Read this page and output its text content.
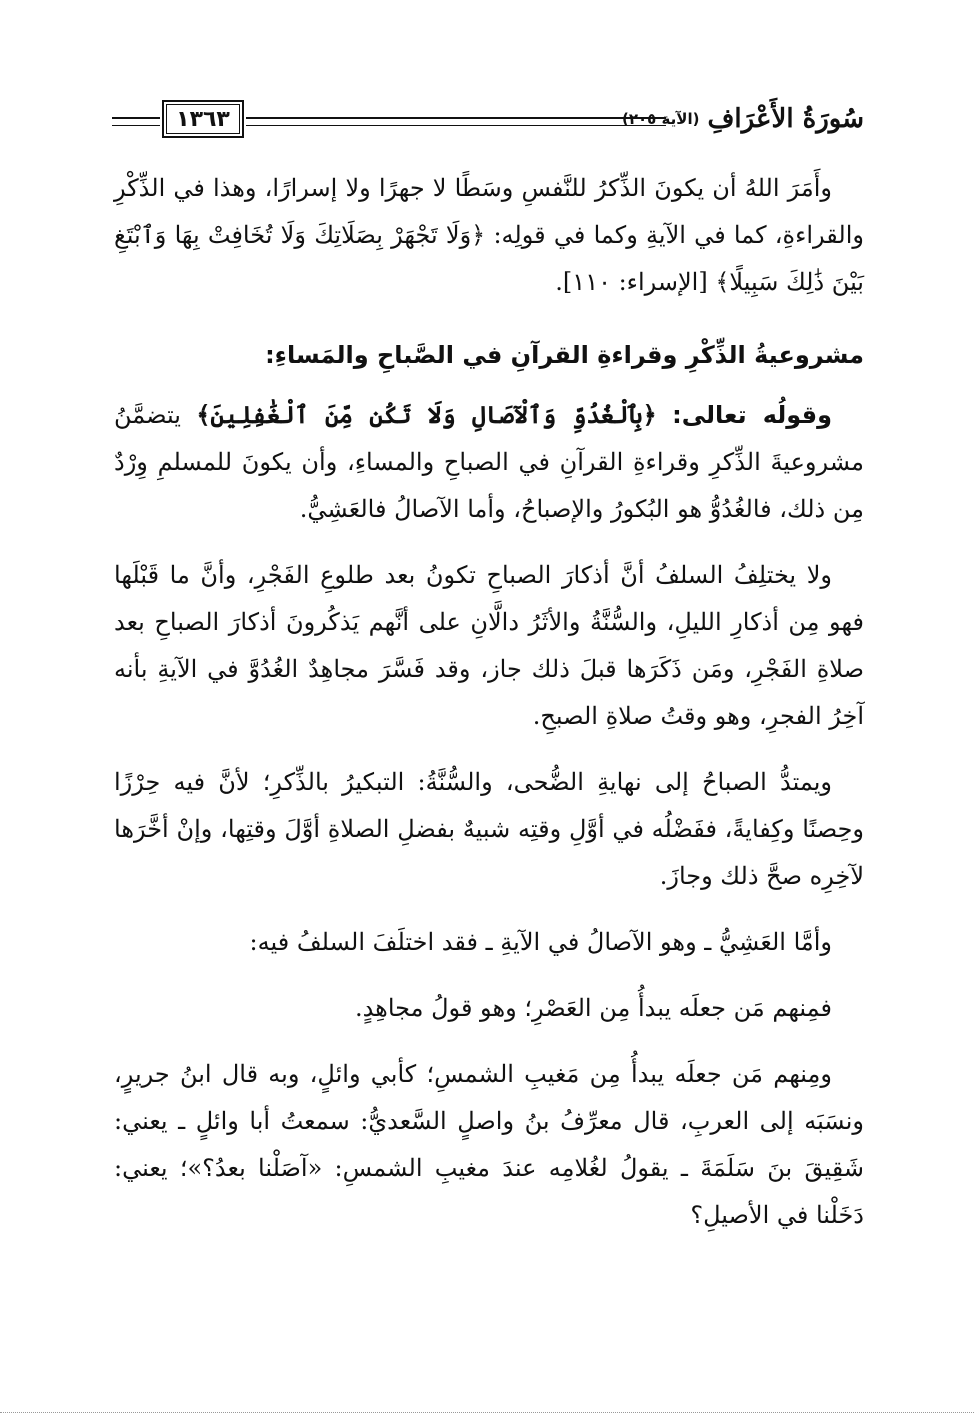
١٣٦٣	سُورَةُ الأَعْرَافِ
(الآية ٢٠٥)

وأَمَرَ اللهُ أن يكونَ الذِّكرُ للنَّفسِ وسَطًا لا جهرًا ولا إسرارًا، وهذا في الذِّكْرِ والقراءةِ، كما في الآيةِ وكما في قولِه: ﴿وَلَا تَجْهَرْ بِصَلَاتِكَ وَلَا تُخَافِتْ بِهَا وَٱبْتَغِ بَيْنَ ذَٰلِكَ سَبِيلًا﴾ [الإسراء: ١١٠].

مشروعيةُ الذِّكْرِ وقراءةِ القرآنِ في الصَّباحِ والمَساءِ:

وقولُه تعالى: ﴿بِٱلْغُدُوِّ وَٱلْآصَالِ وَلَا تَكُن مِّنَ ٱلْغَٰفِلِينَ﴾ يتضمَّنُ مشروعيةَ الذِّكرِ وقراءةِ القرآنِ في الصباحِ والمساءِ، وأن يكونَ للمسلمِ وِرْدٌ مِن ذلك، فالغُدُوُّ هو البُكورُ والإصباحُ، وأما الآصالُ فالعَشِيُّ.

ولا يختلِفُ السلفُ أنَّ أذكارَ الصباحِ تكونُ بعد طلوعِ الفَجْرِ، وأنَّ ما قَبْلَها فهو مِن أذكارِ الليلِ، والسُّنَّةُ والأثَرُ دالَّانِ على أنَّهم يَذكُرونَ أذكارَ الصباحِ بعد صلاةِ الفَجْرِ، ومَن ذَكَرَها قبلَ ذلك جاز، وقد فَسَّرَ مجاهِدٌ الغُدُوَّ في الآيةِ بأنه آخِرُ الفجرِ، وهو وقتُ صلاةِ الصبحِ.

ويمتدُّ الصباحُ إلى نهايةِ الضُّحى، والسُّنَّةُ: التبكيرُ بالذِّكرِ؛ لأنَّ فيه حِرْزًا وحِصنًا وكِفايةً، ففَضْلُه في أوَّلِ وقتِه شبيهٌ بفضلِ الصلاةِ أوَّلَ وقتِها، وإنْ أخَّرَها لآخِرِه صحَّ ذلك وجازَ.

وأمَّا العَشِيُّ ـ وهو الآصالُ في الآيةِ ـ فقد اختلَفَ السلفُ فيه:

فمِنهم مَن جعلَه يبدأُ مِن العَصْرِ؛ وهو قولُ مجاهِدٍ.

ومِنهم مَن جعلَه يبدأُ مِن مَغيبِ الشمسِ؛ كأبي وائلٍ، وبه قال ابنُ جريرٍ، ونسَبَه إلى العربِ، قال معرِّفُ بنُ واصلٍ السَّعديُّ: سمعتُ أبا وائلٍ ـ يعني: شَقِيقَ بنَ سَلَمَةَ ـ يقولُ لغُلامِه عندَ مغيبِ الشمسِ: «آصَلْنا بعدُ؟»؛ يعني: دَخَلْنا في الأصيلِ؟
